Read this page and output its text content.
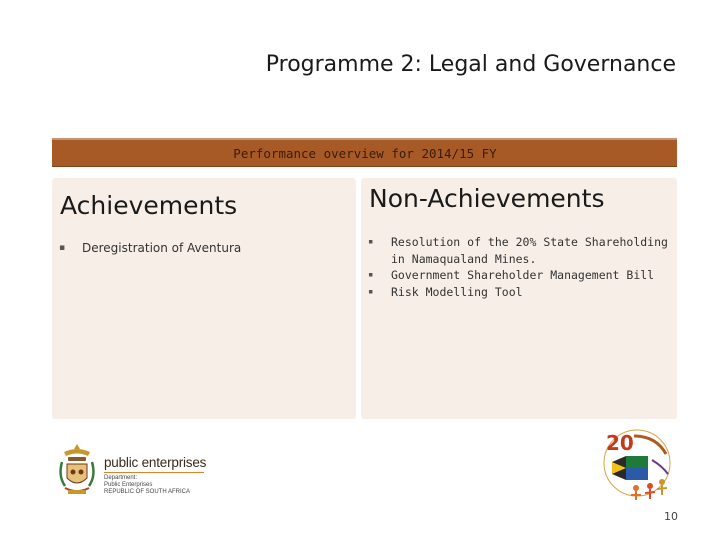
Programme 2: Legal and Governance
Performance overview for 2014/15 FY
Achievements
▪ Deregistration of Aventura
Non-Achievements
▪ Resolution of the 20% State Shareholding in Namaqualand Mines.
▪ Government Shareholder Management Bill
▪ Risk Modelling Tool
public enterprises
Department:
Public Enterprises
REPUBLIC OF SOUTH AFRICA
20
10
